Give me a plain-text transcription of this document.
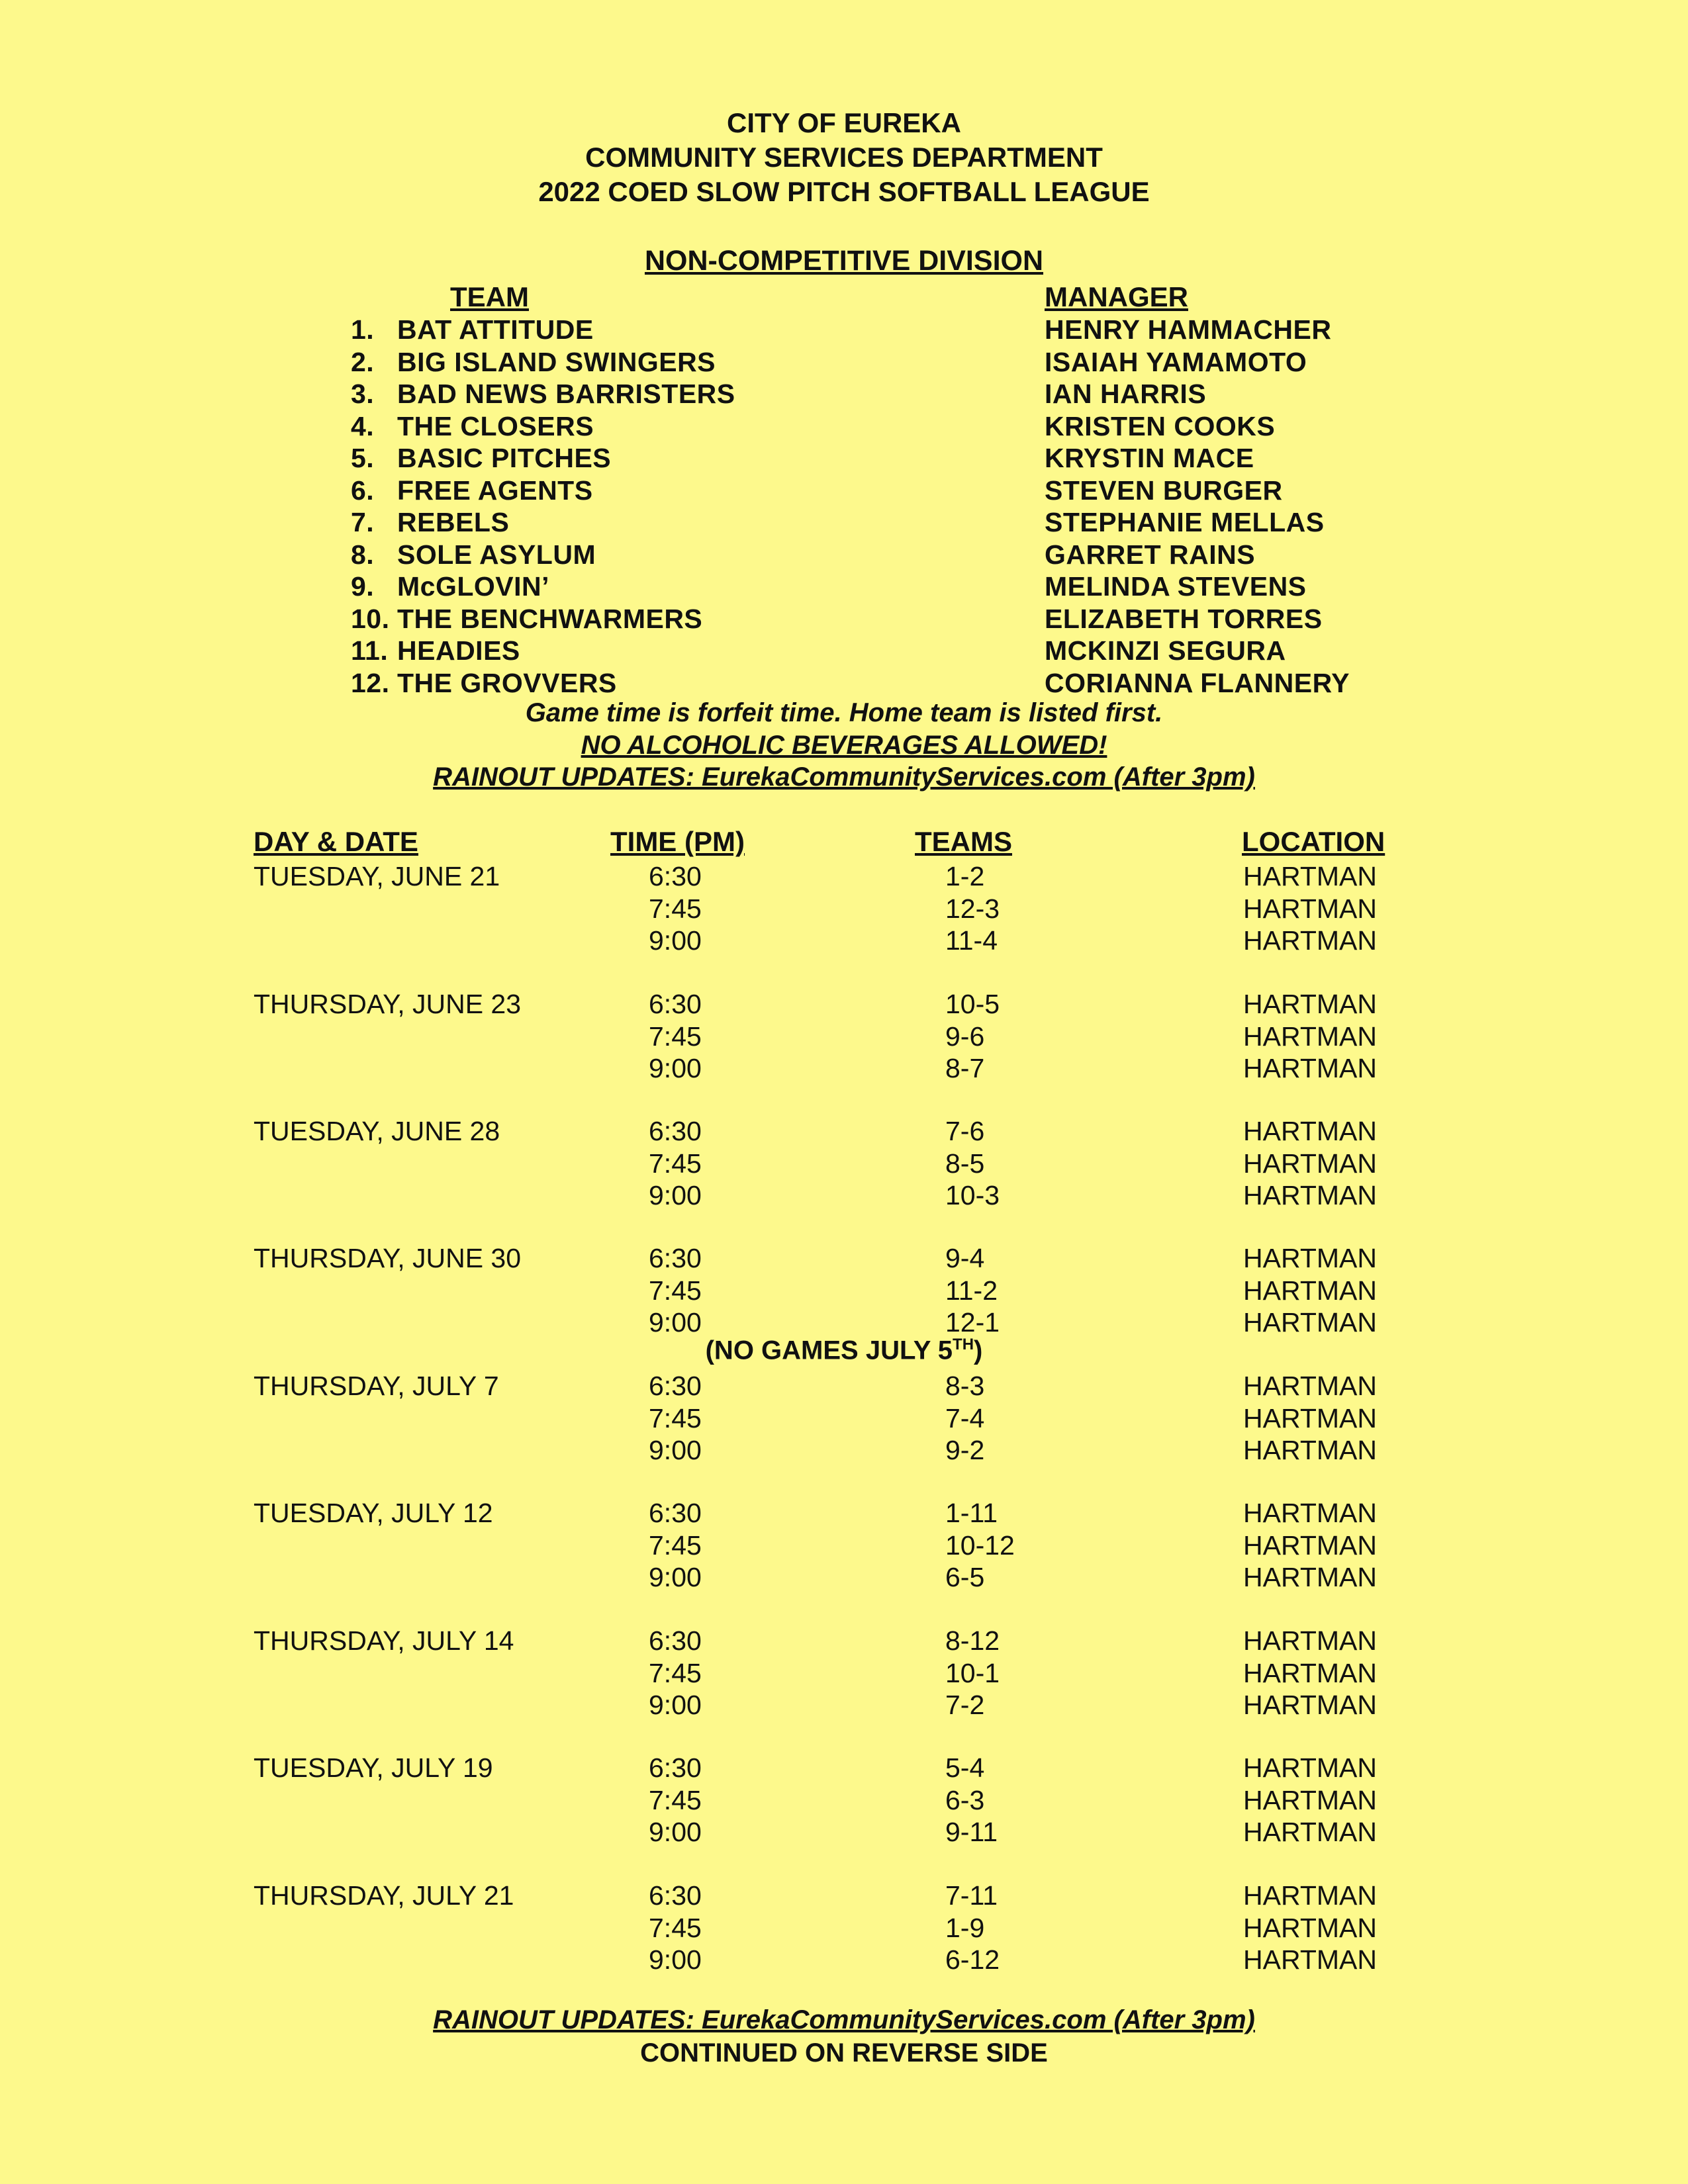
CITY OF EUREKA
COMMUNITY SERVICES DEPARTMENT
2022 COED SLOW PITCH SOFTBALL LEAGUE
NON-COMPETITIVE DIVISION
TEAM	MANAGER
1. BAT ATTITUDE	HENRY HAMMACHER
2. BIG ISLAND SWINGERS	ISAIAH YAMAMOTO
3. BAD NEWS BARRISTERS	IAN HARRIS
4. THE CLOSERS	KRISTEN COOKS
5. BASIC PITCHES	KRYSTIN MACE
6. FREE AGENTS	STEVEN BURGER
7. REBELS	STEPHANIE MELLAS
8. SOLE ASYLUM	GARRET RAINS
9. McGLOVIN’	MELINDA STEVENS
10. THE BENCHWARMERS	ELIZABETH TORRES
11. HEADIES	MCKINZI SEGURA
12. THE GROVVERS	CORIANNA FLANNERY
Game time is forfeit time. Home team is listed first.
NO ALCOHOLIC BEVERAGES ALLOWED!
RAINOUT UPDATES: EurekaCommunityServices.com (After 3pm)
DAY & DATE	TIME (PM)	TEAMS	LOCATION
TUESDAY, JUNE 21	6:30	1-2	HARTMAN
7:45	12-3	HARTMAN
9:00	11-4	HARTMAN
THURSDAY, JUNE 23	6:30	10-5	HARTMAN
7:45	9-6	HARTMAN
9:00	8-7	HARTMAN
TUESDAY, JUNE 28	6:30	7-6	HARTMAN
7:45	8-5	HARTMAN
9:00	10-3	HARTMAN
THURSDAY, JUNE 30	6:30	9-4	HARTMAN
7:45	11-2	HARTMAN
9:00	12-1	HARTMAN
THURSDAY, JULY 7	6:30	8-3	HARTMAN
7:45	7-4	HARTMAN
9:00	9-2	HARTMAN
TUESDAY, JULY 12	6:30	1-11	HARTMAN
7:45	10-12	HARTMAN
9:00	6-5	HARTMAN
THURSDAY, JULY 14	6:30	8-12	HARTMAN
7:45	10-1	HARTMAN
9:00	7-2	HARTMAN
TUESDAY, JULY 19	6:30	5-4	HARTMAN
7:45	6-3	HARTMAN
9:00	9-11	HARTMAN
THURSDAY, JULY 21	6:30	7-11	HARTMAN
7:45	1-9	HARTMAN
9:00	6-12	HARTMAN
(NO GAMES JULY 5TH)
RAINOUT UPDATES: EurekaCommunityServices.com (After 3pm)
CONTINUED ON REVERSE SIDE
